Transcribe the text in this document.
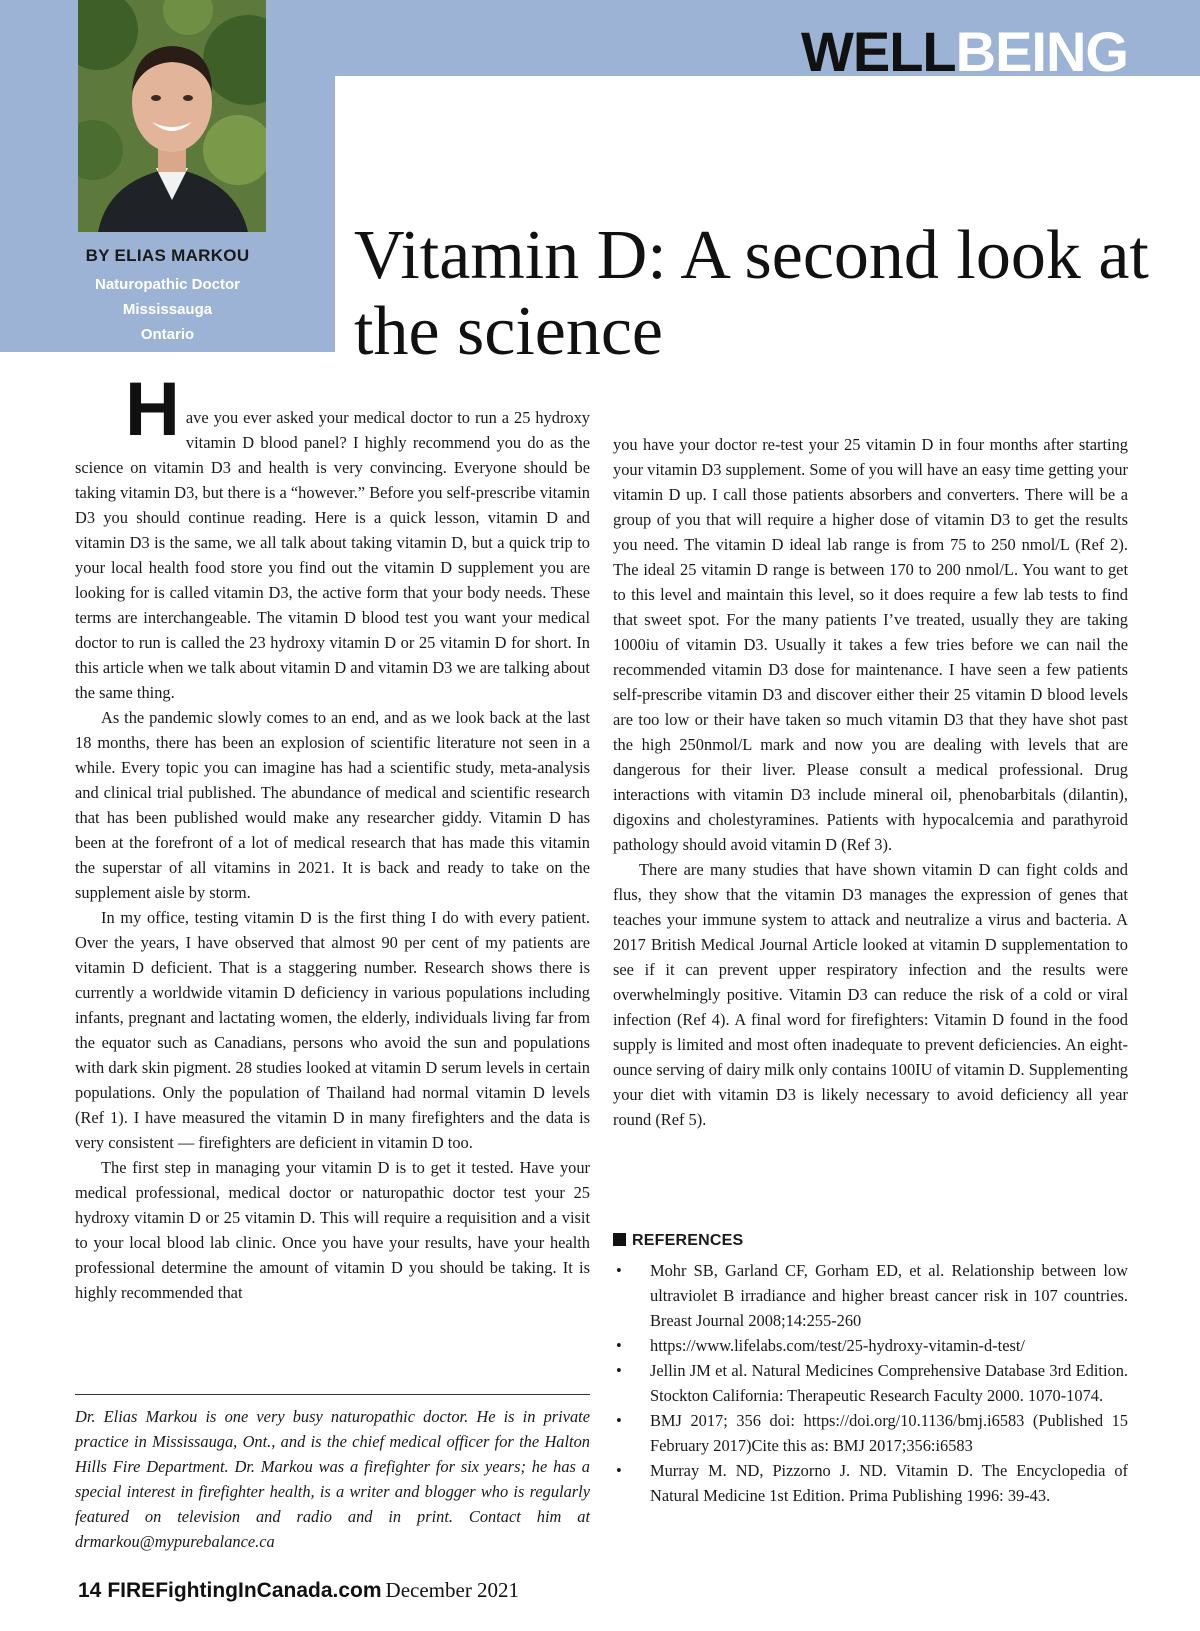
WELLBEING
BY ELIAS MARKOU
Naturopathic Doctor
Mississauga
Ontario
Vitamin D: A second look at the science

H ave you ever asked your medical doctor to run a 25 hydroxy vitamin D blood panel? I highly recommend you do as the science on vitamin D3 and health is very convincing. Everyone should be taking vitamin D3, but there is a “however.” Before you self-prescribe vitamin D3 you should continue reading. Here is a quick lesson, vitamin D and vitamin D3 is the same, we all talk about taking vitamin D, but a quick trip to your local health food store you find out the vitamin D supplement you are looking for is called vitamin D3, the active form that your body needs. These terms are interchangeable. The vitamin D blood test you want your medical doctor to run is called the 23 hydroxy vitamin D or 25 vitamin D for short. In this article when we talk about vitamin D and vitamin D3 we are talking about the same thing.

As the pandemic slowly comes to an end, and as we look back at the last 18 months, there has been an explosion of scientific literature not seen in a while. Every topic you can imagine has had a scientific study, meta-analysis and clinical trial published. The abundance of medical and scientific research that has been published would make any researcher giddy. Vitamin D has been at the forefront of a lot of medical research that has made this vitamin the superstar of all vitamins in 2021. It is back and ready to take on the supplement aisle by storm.

In my office, testing vitamin D is the first thing I do with every patient. Over the years, I have observed that almost 90 per cent of my patients are vitamin D deficient. That is a staggering number. Research shows there is currently a worldwide vitamin D deficiency in various populations including infants, pregnant and lactating women, the elderly, individuals living far from the equator such as Canadians, persons who avoid the sun and populations with dark skin pigment. 28 studies looked at vitamin D serum levels in certain populations. Only the population of Thailand had normal vitamin D levels (Ref 1). I have measured the vitamin D in many firefighters and the data is very consistent — firefighters are deficient in vitamin D too.

The first step in managing your vitamin D is to get it tested. Have your medical professional, medical doctor or naturopathic doctor test your 25 hydroxy vitamin D or 25 vitamin D. This will require a requisition and a visit to your local blood lab clinic. Once you have your results, have your health professional determine the amount of vitamin D you should be taking. It is highly recommended that

Dr. Elias Markou is one very busy naturopathic doctor. He is in private practice in Mississauga, Ont., and is the chief medical officer for the Halton Hills Fire Department. Dr. Markou was a firefighter for six years; he has a special interest in firefighter health, is a writer and blogger who is regularly featured on television and radio and in print. Contact him at drmarkou@mypurebalance.ca

you have your doctor re-test your 25 vitamin D in four months after starting your vitamin D3 supplement. Some of you will have an easy time getting your vitamin D up. I call those patients absorbers and converters. There will be a group of you that will require a higher dose of vitamin D3 to get the results you need. The vitamin D ideal lab range is from 75 to 250 nmol/L (Ref 2). The ideal 25 vitamin D range is between 170 to 200 nmol/L. You want to get to this level and maintain this level, so it does require a few lab tests to find that sweet spot. For the many patients I’ve treated, usually they are taking 1000iu of vitamin D3. Usually it takes a few tries before we can nail the recommended vitamin D3 dose for maintenance. I have seen a few patients self-prescribe vitamin D3 and discover either their 25 vitamin D blood levels are too low or their have taken so much vitamin D3 that they have shot past the high 250nmol/L mark and now you are dealing with levels that are dangerous for their liver. Please consult a medical professional. Drug interactions with vitamin D3 include mineral oil, phenobarbitals (dilantin), digoxins and cholestyramines. Patients with hypocalcemia and parathyroid pathology should avoid vitamin D (Ref 3).

There are many studies that have shown vitamin D can fight colds and flus, they show that the vitamin D3 manages the expression of genes that teaches your immune system to attack and neutralize a virus and bacteria. A 2017 British Medical Journal Article looked at vitamin D supplementation to see if it can prevent upper respiratory infection and the results were overwhelmingly positive. Vitamin D3 can reduce the risk of a cold or viral infection (Ref 4). A final word for firefighters: Vitamin D found in the food supply is limited and most often inadequate to prevent deficiencies. An eight-ounce serving of dairy milk only contains 100IU of vitamin D. Supplementing your diet with vitamin D3 is likely necessary to avoid deficiency all year round (Ref 5).

REFERENCES
• Mohr SB, Garland CF, Gorham ED, et al. Relationship between low ultraviolet B irradiance and higher breast cancer risk in 107 countries. Breast Journal 2008;14:255-260
• https://www.lifelabs.com/test/25-hydroxy-vitamin-d-test/
• Jellin JM et al. Natural Medicines Comprehensive Database 3rd Edition. Stockton California: Therapeutic Research Faculty 2000. 1070-1074.
• BMJ 2017; 356 doi: https://doi.org/10.1136/bmj.i6583 (Published 15 February 2017)Cite this as: BMJ 2017;356:i6583
• Murray M. ND, Pizzorno J. ND. Vitamin D. The Encyclopedia of Natural Medicine 1st Edition. Prima Publishing 1996: 39-43.
14 FIREFightingInCanada.com December 2021
